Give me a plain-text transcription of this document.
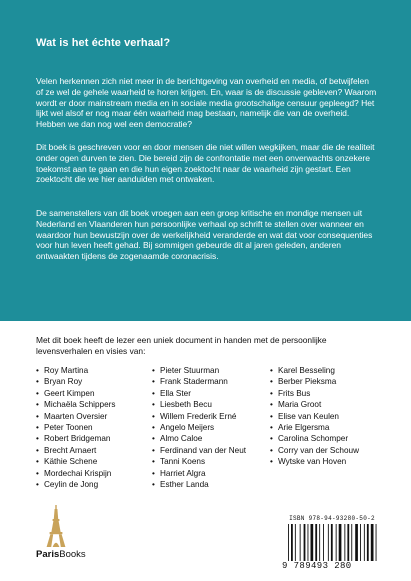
Wat is het échte verhaal?

Velen herkennen zich niet meer in de berichtgeving van overheid en media, of betwijfelen of ze wel de gehele waarheid te horen krijgen. En, waar is de discussie gebleven? Waarom wordt er door mainstream media en in sociale media grootschalige censuur gepleegd? Het lijkt wel alsof er nog maar één waarheid mag bestaan, namelijk die van de overheid. Hebben we dan nog wel een democratie?

Dit boek is geschreven voor en door mensen die niet willen wegkijken, maar die de realiteit onder ogen durven te zien. Die bereid zijn de confrontatie met een onverwachts onzekere toekomst aan te gaan en die hun eigen zoektocht naar de waarheid zijn gestart. Een zoektocht die we hier aanduiden met ontwaken.

De samenstellers van dit boek vroegen aan een groep kritische en mondige mensen uit Nederland en Vlaanderen hun persoonlijke verhaal op schrift te stellen over wanneer en waardoor hun bewustzijn over de werkelijkheid veranderde en wat dat voor consequenties voor hun leven heeft gehad. Bij sommigen gebeurde dit al jaren geleden, anderen ontwaakten tijdens de zogenaamde coronacrisis.

Met dit boek heeft de lezer een uniek document in handen met de persoonlijke levensverhalen en visies van:

• Roy Martina
• Bryan Roy
• Geert Kimpen
• Michaëla Schippers
• Maarten Oversier
• Peter Toonen
• Robert Bridgeman
• Brecht Arnaert
• Käthie Schene
• Mordechai Krispijn
• Ceylin de Jong
• Pieter Stuurman
• Frank Stadermann
• Ella Ster
• Liesbeth Becu
• Willem Frederik Erné
• Angelo Meijers
• Almo Caloe
• Ferdinand van der Neut
• Tanni Koens
• Harriet Algra
• Esther Landa
• Karel Besseling
• Berber Pieksma
• Frits Bus
• Maria Groot
• Elise van Keulen
• Arie Elgersma
• Carolina Schomper
• Corry van der Schouw
• Wytske van Hoven
ParisBooks
ISBN 978-94-93280-50-2
9 789493 280
